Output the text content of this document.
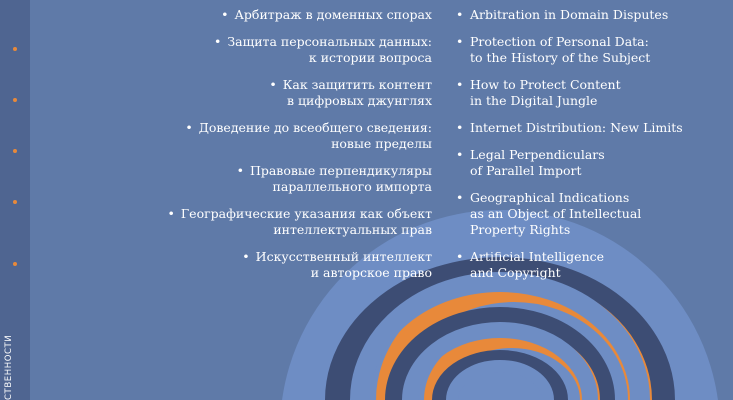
СТВЕННОСТИ
• Арбитраж в доменных спорах
• Защита персональных данных:
к истории вопроса
• Как защитить контент
в цифровых джунглях
• Доведение до всеобщего сведения:
новые пределы
• Правовые перпендикуляры
параллельного импорта
• Географические указания как объект
интеллектуальных прав
• Искусственный интеллект
и авторское право
• Arbitration in Domain Disputes
• Protection of Personal Data:
to the History of the Subject
• How to Protect Content
in the Digital Jungle
• Internet Distribution: New Limits
• Legal Perpendiculars
of Parallel Import
• Geographical Indications
as an Object of Intellectual
Property Rights
• Artificial Intelligence
and Copyright
